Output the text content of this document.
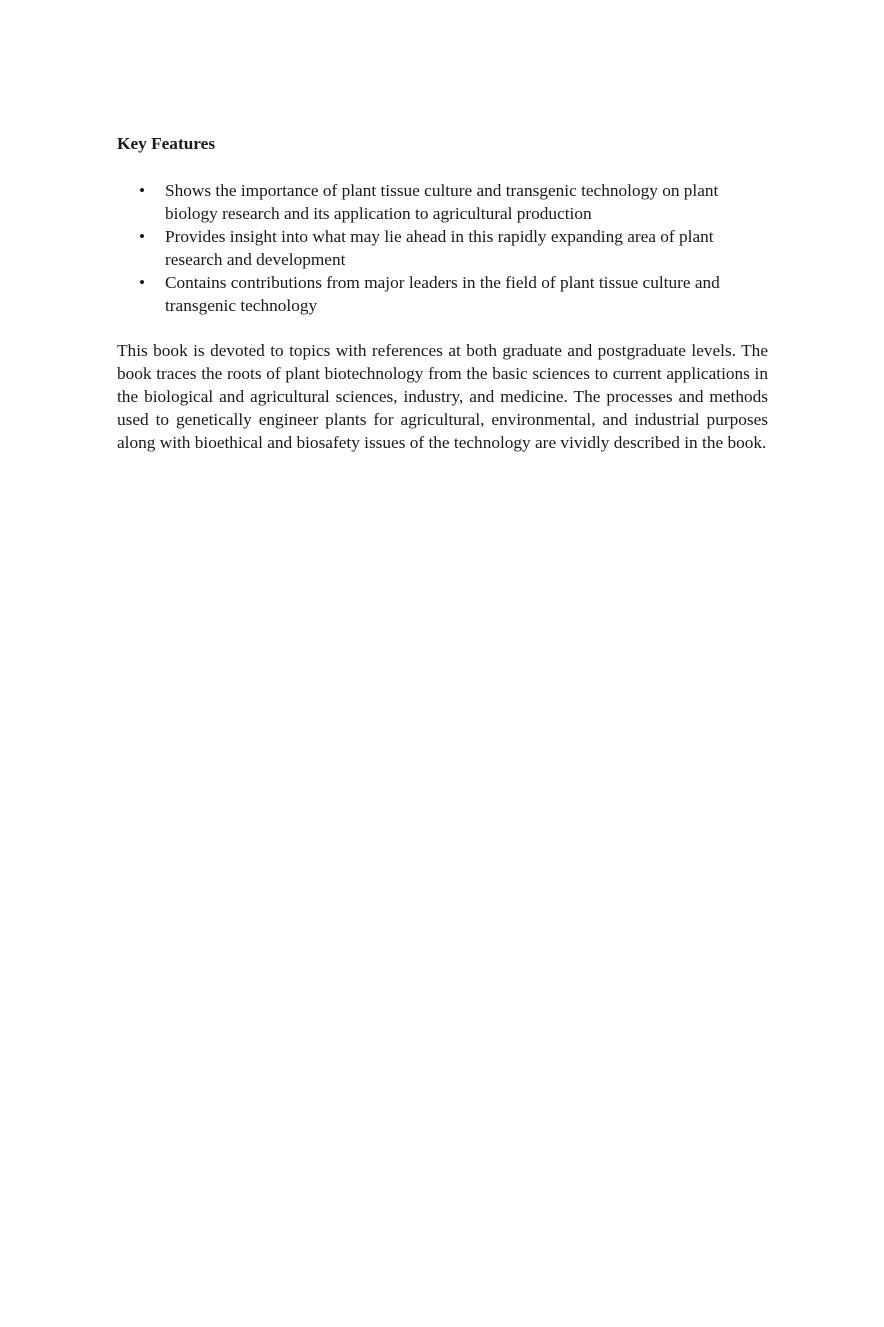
Key Features
• Shows the importance of plant tissue culture and transgenic technology on plant biology research and its application to agricultural production
• Provides insight into what may lie ahead in this rapidly expanding area of plant research and development
• Contains contributions from major leaders in the field of plant tissue culture and transgenic technology

This book is devoted to topics with references at both graduate and postgraduate levels. The book traces the roots of plant biotechnology from the basic sciences to current applications in the biological and agricultural sciences, industry, and medicine. The processes and methods used to genetically engineer plants for agricultural, environmental, and industrial purposes along with bioethical and biosafety issues of the technology are vividly described in the book.
